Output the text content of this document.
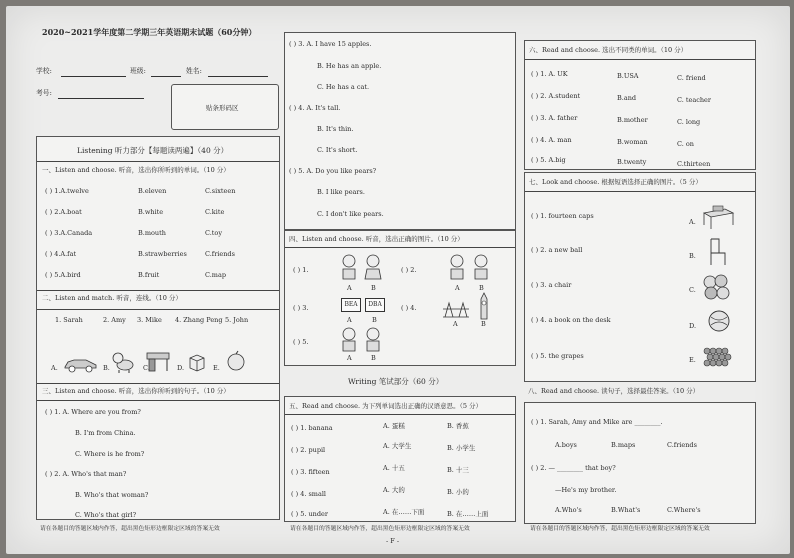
2020~2021学年度第二学期三年英语期末试题（60分钟）
学校:	班级:	姓名:
考号:
贴条形码区
Listening 听力部分【每题读两遍】（40 分）
一、Listen and choose. 听音，选出你所听到的单词。（10 分）
( ) 1.A.twelve	B.eleven	C.sixteen
( ) 2.A.boat	B.white	C.kite
( ) 3.A.Canada	B.mouth	C.toy
( ) 4.A.fat	B.strawberries	C.friends
( ) 5.A.bird	B.fruit	C.map
二、Listen and match. 听音，连线。（10 分）
1. Sarah	2. Amy 3. Mike 4. Zhang Peng 5. John
A.	B.	C.	D.	E.
三、Listen and choose. 听音，选出你所听到的句子。（10 分）
( ) 1. A. Where are you from?
B. I'm from China.
C. Where is he from?
( ) 2. A. Who's that man?
B. Who's that woman?
C. Who's that girl?
请在各题目的答题区域内作答，超出黑色矩形边框限定区域的答案无效
( ) 3. A. I have 15 apples.
B. He has an apple.
C. He has a cat.
( ) 4. A. It's tall.
B. It's thin.
C. It's short.
( ) 5. A. Do you like pears?
B. I like pears.
C. I don't like pears.
四、Listen and choose. 听音，选出正确的图片。（10 分）
( ) 1.
A	B
( ) 2.
A	B
( ) 3.	BEA	DBA
A	B
( ) 4.
A	B
( ) 5.
A	B
Writing 笔试部分（60 分）
五、Read and choose. 为下列单词选出正确的汉语意思。（5 分）
( ) 1. banana	A. 蛋糕	B. 香蕉
( ) 2. pupil	A. 大学生	B. 小学生
( ) 3. fifteen	A. 十五	B. 十三
( ) 4. small	A. 大的	B. 小的
( ) 5. under	A. 在……下面	B. 在……上面
请在各题目的答题区域内作答，超出黑色矩形边框限定区域的答案无效
- F -
六、Read and choose. 选出不同类的单词。（10 分）
( ) 1. A. UK	B.USA	C. friend
( ) 2. A.student	B.and	C. teacher
( ) 3. A. father	B.mother	C. long
( ) 4. A. man	B.woman	C. on
( ) 5. A.big	B.twenty	C.thirteen
七、Look and choose. 根据短语选择正确的图片。（5 分）
( ) 1. fourteen caps
( ) 2. a new ball
( ) 3. a chair
( ) 4. a book on the desk
( ) 5. the grapes
A.
B.
C.
D.
E.
八、Read and choose. 读句子，选择最佳答案。（10 分）
( ) 1. Sarah, Amy and Mike are ________.
A.boys	B.maps	C.friends
( ) 2. — ________ that boy?
—He's my brother.
A.Who's	B.What's	C.Where's
请在各题目的答题区域内作答，超出黑色矩形边框限定区域的答案无效
